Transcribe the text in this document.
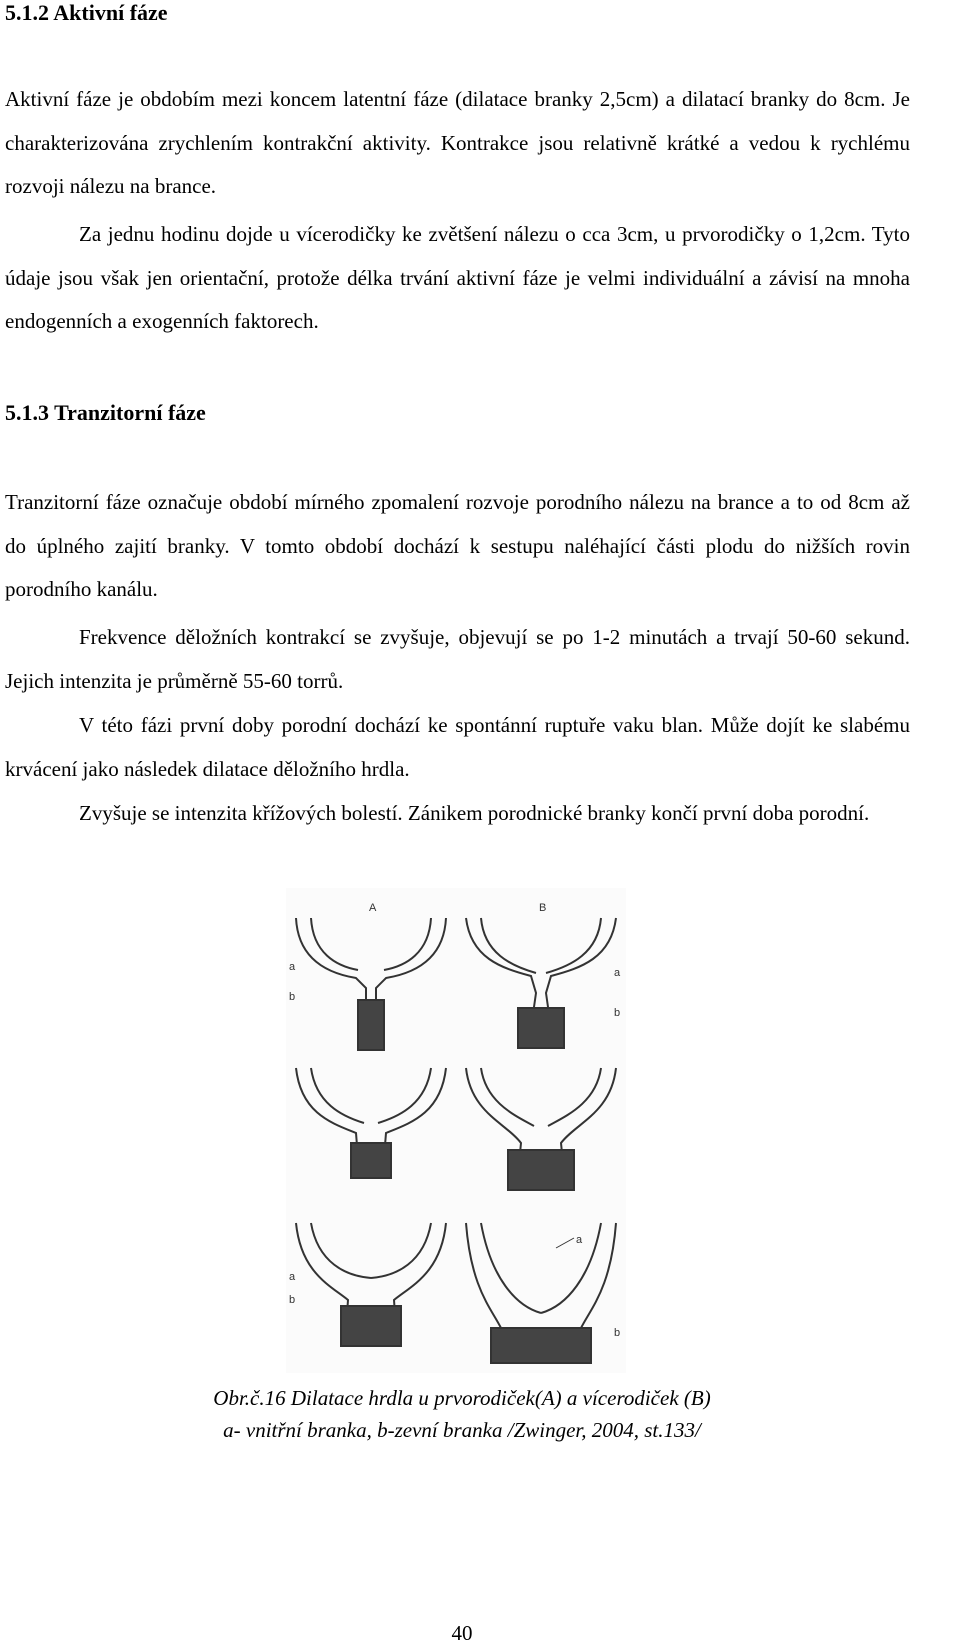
5.1.2 Aktivní fáze

Aktivní fáze je obdobím mezi koncem latentní fáze (dilatace branky 2,5cm) a dilatací branky do 8cm. Je charakterizována zrychlením kontrakční aktivity. Kontrakce jsou relativně krátké a vedou k rychlému rozvoji nálezu na brance.

Za jednu hodinu dojde u vícerodičky ke zvětšení nálezu o cca 3cm, u prvorodičky o 1,2cm. Tyto údaje jsou však jen orientační, protože délka trvání aktivní fáze je velmi individuální a závisí na mnoha endogenních a exogenních faktorech.

5.1.3 Tranzitorní fáze

Tranzitorní fáze označuje období mírného zpomalení rozvoje porodního nálezu na brance a to od 8cm až do úplného zajití branky. V tomto období dochází k sestupu naléhající části plodu do nižších rovin porodního kanálu.

Frekvence děložních kontrakcí se zvyšuje, objevují se po 1-2 minutách a trvají 50-60 sekund. Jejich intenzita je průměrně 55-60 torrů.

V této fázi první doby porodní dochází ke spontánní ruptuře vaku blan. Může dojít ke slabému krvácení jako následek dilatace děložního hrdla.

Zvyšuje se intenzita křížových bolestí. Zánikem porodnické branky končí první doba porodní.

A	B
a
b
a
b
a
b
a
b

Obr.č.16 Dilatace hrdla u prvorodiček(A) a vícerodiček (B)

a- vnitřní branka, b-zevní branka /Zwinger, 2004, st.133/

40
